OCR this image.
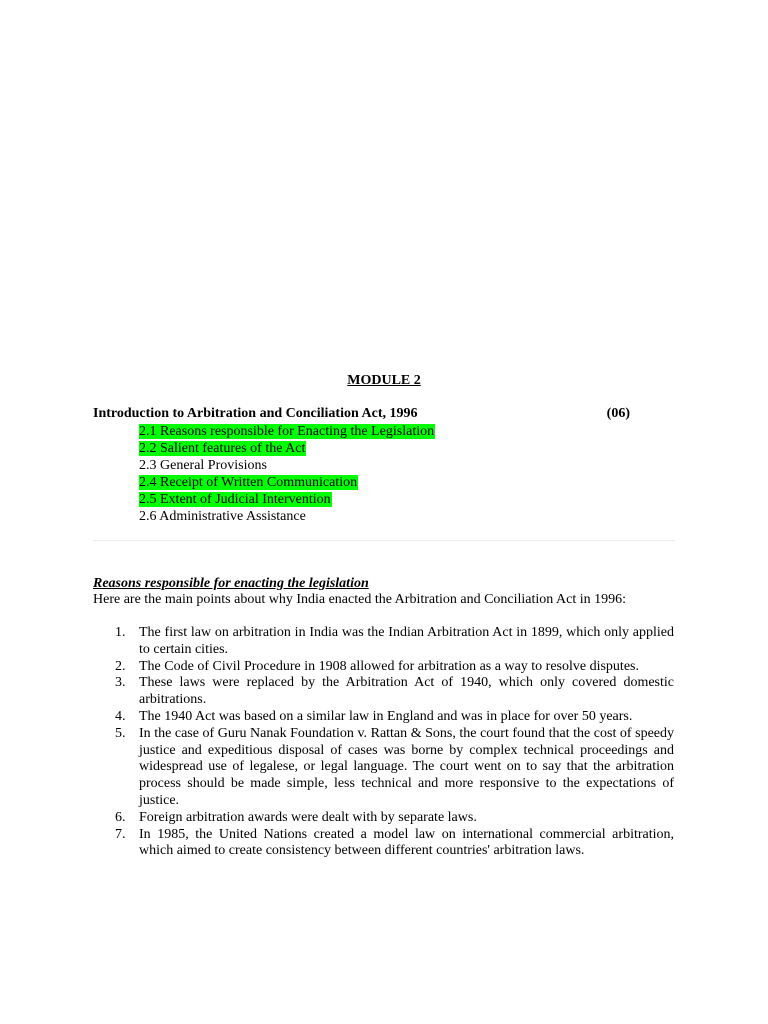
MODULE 2
Introduction to Arbitration and Conciliation Act, 1996	(06)
2.1 Reasons responsible for Enacting the Legislation
2.2 Salient features of the Act
2.3 General Provisions
2.4 Receipt of Written Communication
2.5 Extent of Judicial Intervention
2.6 Administrative Assistance
Reasons responsible for enacting the legislation

Here are the main points about why India enacted the Arbitration and Conciliation Act in 1996:

1. The first law on arbitration in India was the Indian Arbitration Act in 1899, which only applied to certain cities.
2. The Code of Civil Procedure in 1908 allowed for arbitration as a way to resolve disputes.
3. These laws were replaced by the Arbitration Act of 1940, which only covered domestic arbitrations.
4. The 1940 Act was based on a similar law in England and was in place for over 50 years.
5. In the case of Guru Nanak Foundation v. Rattan & Sons, the court found that the cost of speedy justice and expeditious disposal of cases was borne by complex technical proceedings and widespread use of legalese, or legal language. The court went on to say that the arbitration process should be made simple, less technical and more responsive to the expectations of justice.
6. Foreign arbitration awards were dealt with by separate laws.
7. In 1985, the United Nations created a model law on international commercial arbitration, which aimed to create consistency between different countries' arbitration laws.
